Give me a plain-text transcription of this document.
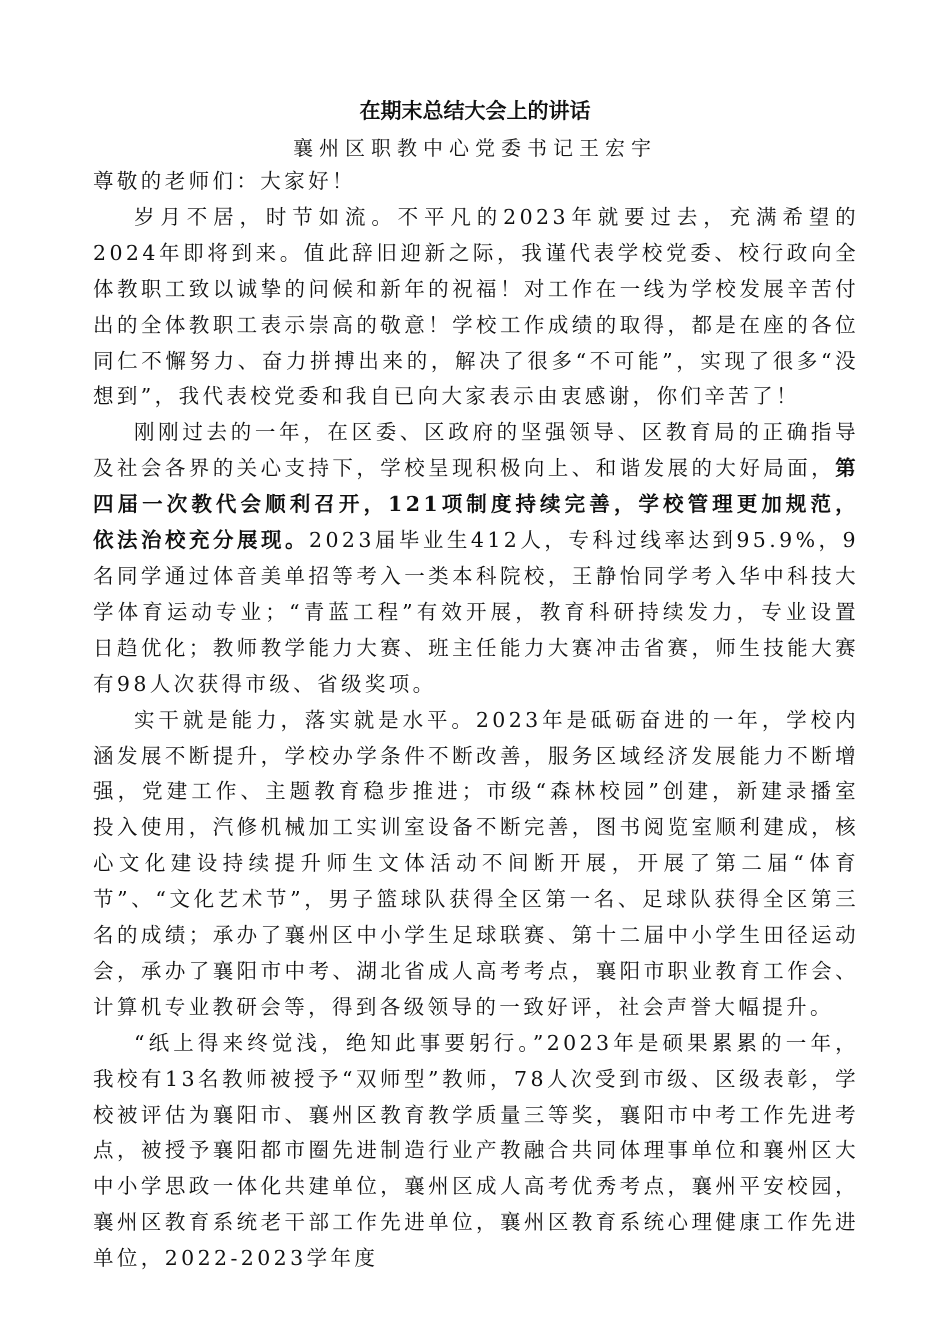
在期末总结大会上的讲话
襄州区职教中心党委书记王宏宇

尊敬的老师们：大家好！

岁月不居，时节如流。不平凡的2023年就要过去，充满希望的2024年即将到来。值此辞旧迎新之际，我谨代表学校党委、校行政向全体教职工致以诚挚的问候和新年的祝福！对工作在一线为学校发展辛苦付出的全体教职工表示崇高的敬意！学校工作成绩的取得，都是在座的各位同仁不懈努力、奋力拼搏出来的，解决了很多“不可能”，实现了很多“没想到”，我代表校党委和我自已向大家表示由衷感谢，你们辛苦了！

刚刚过去的一年，在区委、区政府的坚强领导、区教育局的正确指导及社会各界的关心支持下，学校呈现积极向上、和谐发展的大好局面，第四届一次教代会顺利召开，121项制度持续完善，学校管理更加规范，依法治校充分展现。2023届毕业生412人，专科过线率达到95.9%，9名同学通过体音美单招等考入一类本科院校，王静怡同学考入华中科技大学体育运动专业；“青蓝工程”有效开展，教育科研持续发力，专业设置日趋优化；教师教学能力大赛、班主任能力大赛冲击省赛，师生技能大赛有98人次获得市级、省级奖项。

实干就是能力，落实就是水平。2023年是砥砺奋进的一年，学校内涵发展不断提升，学校办学条件不断改善，服务区域经济发展能力不断增强，党建工作、主题教育稳步推进；市级“森林校园”创建，新建录播室投入使用，汽修机械加工实训室设备不断完善，图书阅览室顺利建成，核心文化建设持续提升师生文体活动不间断开展，开展了第二届“体育节”、“文化艺术节”，男子篮球队获得全区第一名、足球队获得全区第三名的成绩；承办了襄州区中小学生足球联赛、第十二届中小学生田径运动会，承办了襄阳市中考、湖北省成人高考考点，襄阳市职业教育工作会、计算机专业教研会等，得到各级领导的一致好评，社会声誉大幅提升。

“纸上得来终觉浅，绝知此事要躬行。”2023年是硕果累累的一年，我校有13名教师被授予“双师型”教师，78人次受到市级、区级表彰，学校被评估为襄阳市、襄州区教育教学质量三等奖，襄阳市中考工作先进考点，被授予襄阳都市圈先进制造行业产教融合共同体理事单位和襄州区大中小学思政一体化共建单位，襄州区成人高考优秀考点，襄州平安校园，襄州区教育系统老干部工作先进单位，襄州区教育系统心理健康工作先进单位，2022-2023学年度
